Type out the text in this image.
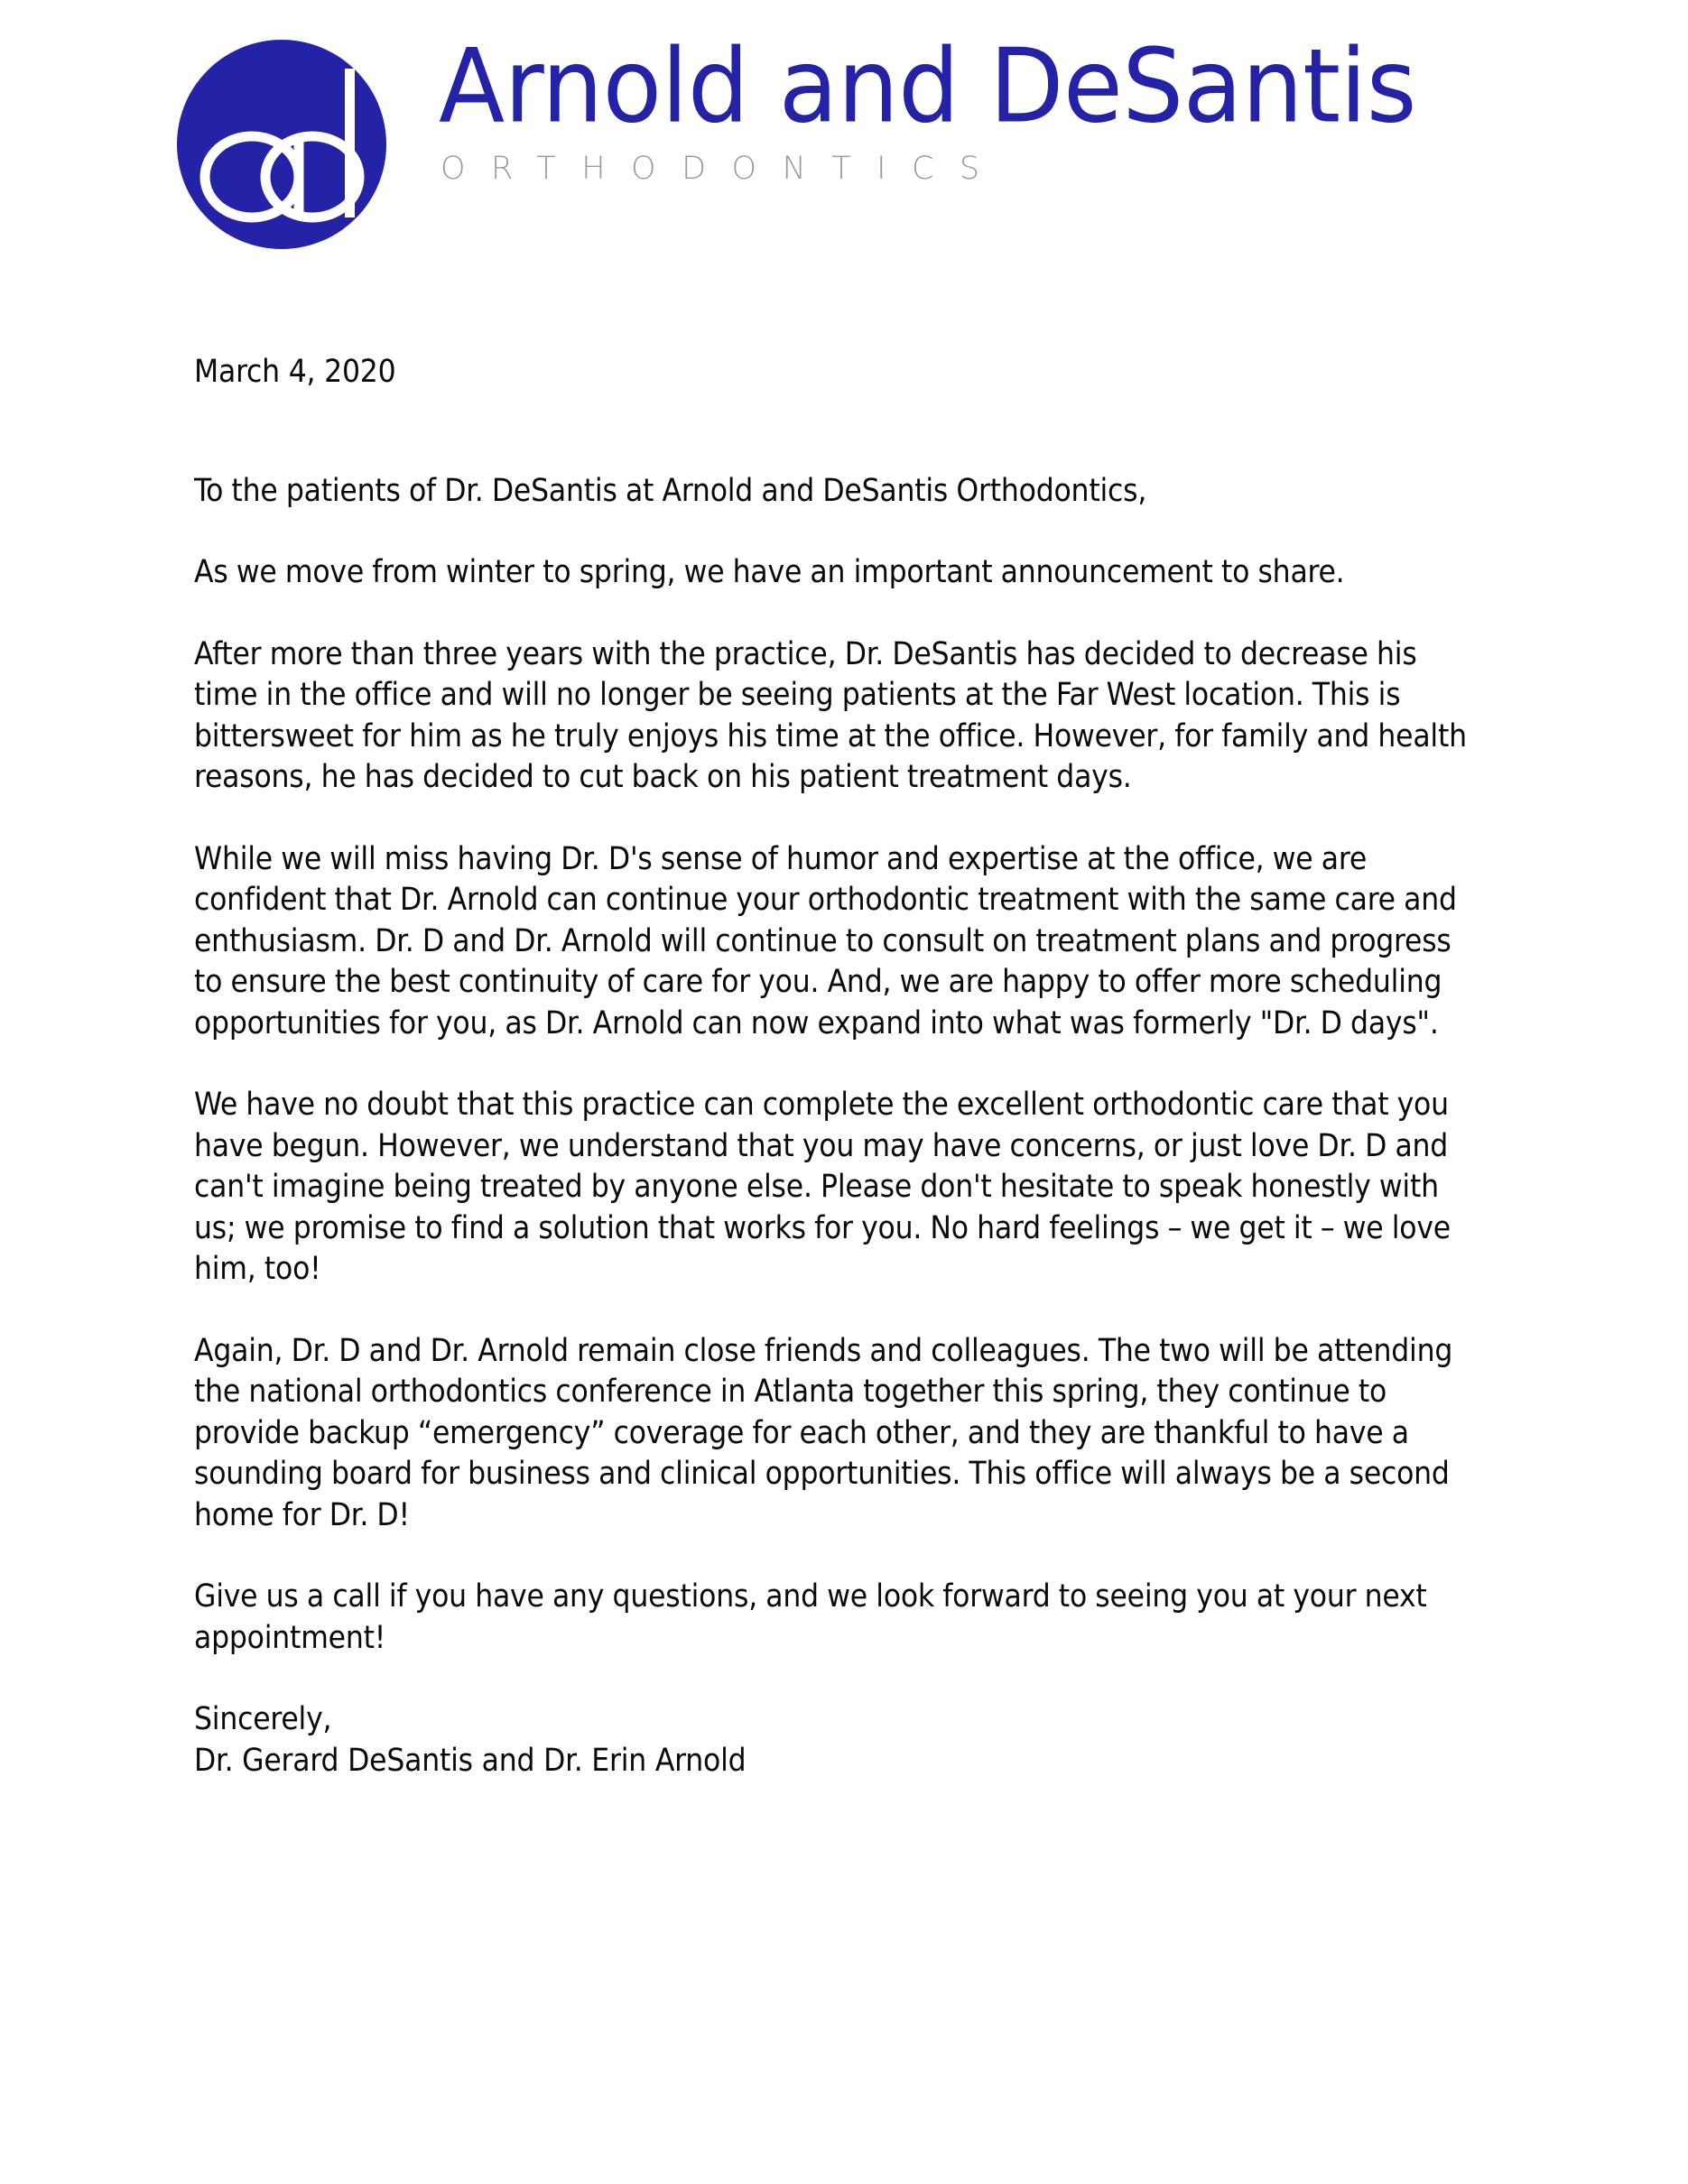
Arnold and DeSantis
ORTHODONTICS

March 4, 2020

To the patients of Dr. DeSantis at Arnold and DeSantis Orthodontics,

As we move from winter to spring, we have an important announcement to share.

After more than three years with the practice, Dr. DeSantis has decided to decrease his time in the office and will no longer be seeing patients at the Far West location. This is bittersweet for him as he truly enjoys his time at the office. However, for family and health reasons, he has decided to cut back on his patient treatment days.

While we will miss having Dr. D's sense of humor and expertise at the office, we are confident that Dr. Arnold can continue your orthodontic treatment with the same care and enthusiasm. Dr. D and Dr. Arnold will continue to consult on treatment plans and progress to ensure the best continuity of care for you. And, we are happy to offer more scheduling opportunities for you, as Dr. Arnold can now expand into what was formerly "Dr. D days".

We have no doubt that this practice can complete the excellent orthodontic care that you have begun. However, we understand that you may have concerns, or just love Dr. D and can't imagine being treated by anyone else. Please don't hesitate to speak honestly with us; we promise to find a solution that works for you. No hard feelings – we get it – we love him, too!

Again, Dr. D and Dr. Arnold remain close friends and colleagues. The two will be attending the national orthodontics conference in Atlanta together this spring, they continue to provide backup “emergency” coverage for each other, and they are thankful to have a sounding board for business and clinical opportunities. This office will always be a second home for Dr. D!

Give us a call if you have any questions, and we look forward to seeing you at your next appointment!

Sincerely,

Dr. Gerard DeSantis and Dr. Erin Arnold
